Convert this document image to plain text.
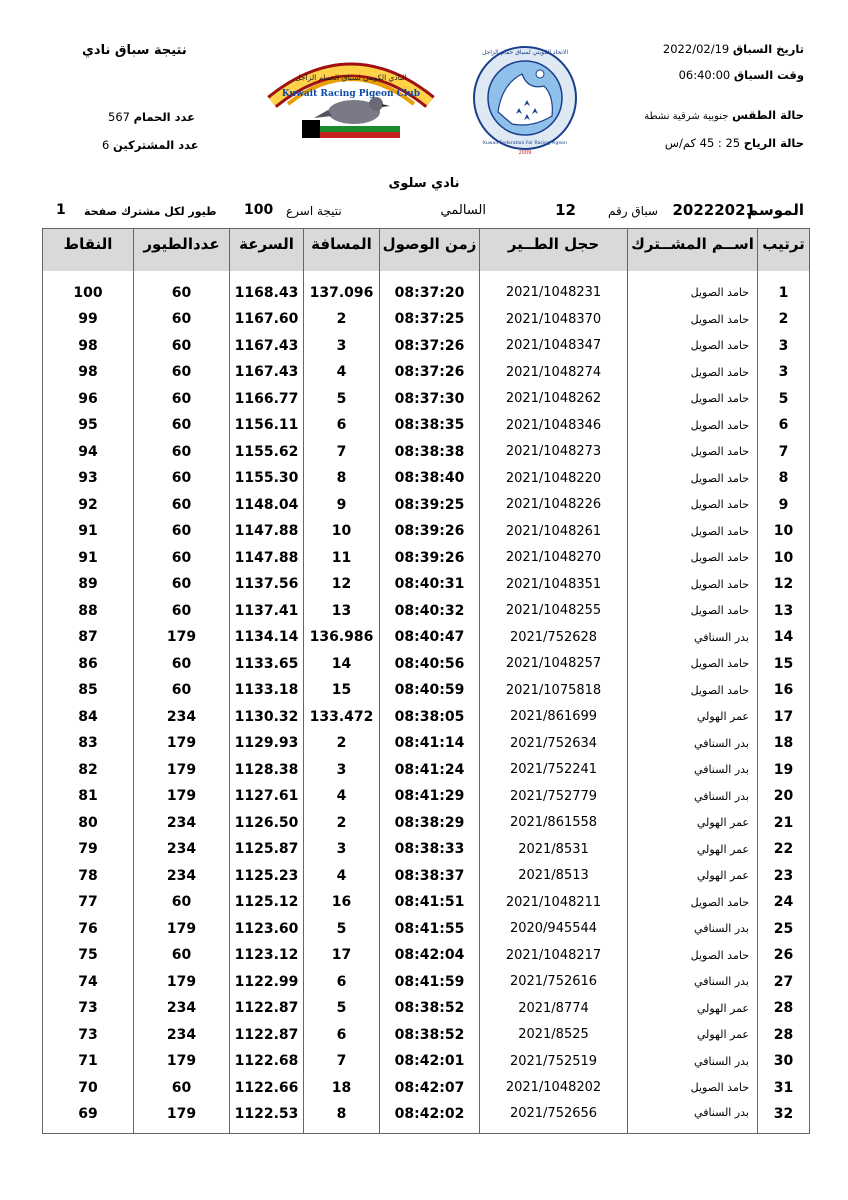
تاريخ السباق 2022/02/19
وقت السباق 06:40:00
حالة الطقس جنوبية شرقية نشطة
حالة الرياح 25 : 45 كم/س
نتيجة سباق نادي
عدد الحمام 567
عدد المشتركين 6
النادي الكويتي لسباق الحمام الزاجل
Kuwait Racing Pigeon Club
الاتحاد الكويتي لسباق حمام الزاجل
Kuwait Federation For Racing Pigeon
2009
نادي سلوى
الموسم
20222021
سباق رقم
12
السالمي
نتيجة اسرع
100
طيور لكل مشترك صفحة
1
ترتيب	اســم المشــترك	حجل الطــير	زمن الوصول	المسافة	السرعة	عددالطيور	النقاط

1	حامد الصويل	2021/1048231	08:37:20	137.096	1168.43	60	100
2	حامد الصويل	2021/1048370	08:37:25	2	1167.60	60	99
3	حامد الصويل	2021/1048347	08:37:26	3	1167.43	60	98
3	حامد الصويل	2021/1048274	08:37:26	4	1167.43	60	98
5	حامد الصويل	2021/1048262	08:37:30	5	1166.77	60	96
6	حامد الصويل	2021/1048346	08:38:35	6	1156.11	60	95
7	حامد الصويل	2021/1048273	08:38:38	7	1155.62	60	94
8	حامد الصويل	2021/1048220	08:38:40	8	1155.30	60	93
9	حامد الصويل	2021/1048226	08:39:25	9	1148.04	60	92
10	حامد الصويل	2021/1048261	08:39:26	10	1147.88	60	91
10	حامد الصويل	2021/1048270	08:39:26	11	1147.88	60	91
12	حامد الصويل	2021/1048351	08:40:31	12	1137.56	60	89
13	حامد الصويل	2021/1048255	08:40:32	13	1137.41	60	88
14	بدر السنافي	2021/752628	08:40:47	136.986	1134.14	179	87
15	حامد الصويل	2021/1048257	08:40:56	14	1133.65	60	86
16	حامد الصويل	2021/1075818	08:40:59	15	1133.18	60	85
17	عمر الهولي	2021/861699	08:38:05	133.472	1130.32	234	84
18	بدر السنافي	2021/752634	08:41:14	2	1129.93	179	83
19	بدر السنافي	2021/752241	08:41:24	3	1128.38	179	82
20	بدر السنافي	2021/752779	08:41:29	4	1127.61	179	81
21	عمر الهولي	2021/861558	08:38:29	2	1126.50	234	80
22	عمر الهولي	2021/8531	08:38:33	3	1125.87	234	79
23	عمر الهولي	2021/8513	08:38:37	4	1125.23	234	78
24	حامد الصويل	2021/1048211	08:41:51	16	1125.12	60	77
25	بدر السنافي	2020/945544	08:41:55	5	1123.60	179	76
26	حامد الصويل	2021/1048217	08:42:04	17	1123.12	60	75
27	بدر السنافي	2021/752616	08:41:59	6	1122.99	179	74
28	عمر الهولي	2021/8774	08:38:52	5	1122.87	234	73
28	عمر الهولي	2021/8525	08:38:52	6	1122.87	234	73
30	بدر السنافي	2021/752519	08:42:01	7	1122.68	179	71
31	حامد الصويل	2021/1048202	08:42:07	18	1122.66	60	70
32	بدر السنافي	2021/752656	08:42:02	8	1122.53	179	69
